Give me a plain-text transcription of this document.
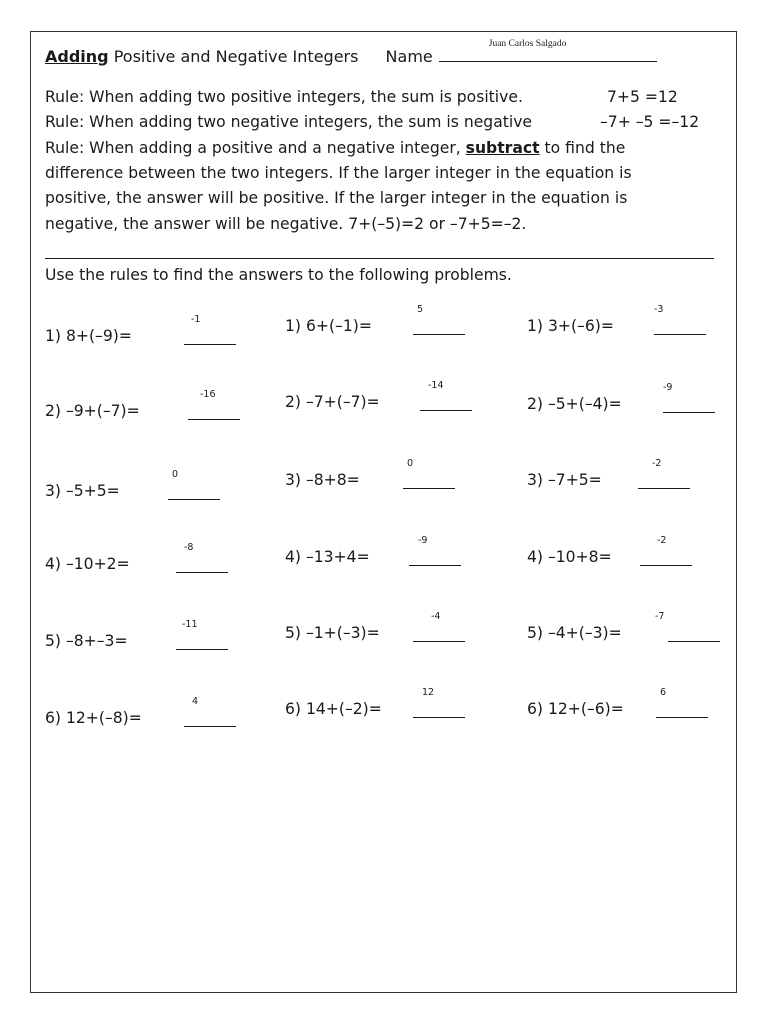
Adding Positive and Negative Integers Name
Juan Carlos Salgado
Rule: When adding two positive integers, the sum is positive.	7+5 =12
Rule: When adding two negative integers, the sum is negative	–7+ –5 =–12
Rule: When adding a positive and a negative integer, subtract to find the
difference between the two integers. If the larger integer in the equation is
positive, the answer will be positive. If the larger integer in the equation is
negative, the answer will be negative. 7+(–5)=2 or –7+5=–2.
Use the rules to find the answers to the following problems.
1) 8+(–9)=
-1
2) –9+(–7)=
-16
3) –5+5=
0
4) –10+2=
-8
5) –8+–3=
-11
6) 12+(–8)=
4
1) 6+(–1)=
5
2) –7+(–7)=
-14
3) –8+8=
0
4) –13+4=
-9
5) –1+(–3)=
-4
6) 14+(–2)=
12
1) 3+(–6)=
-3
2) –5+(–4)=
-9
3) –7+5=
-2
4) –10+8=
-2
5) –4+(–3)=
-7
6) 12+(–6)=
6
